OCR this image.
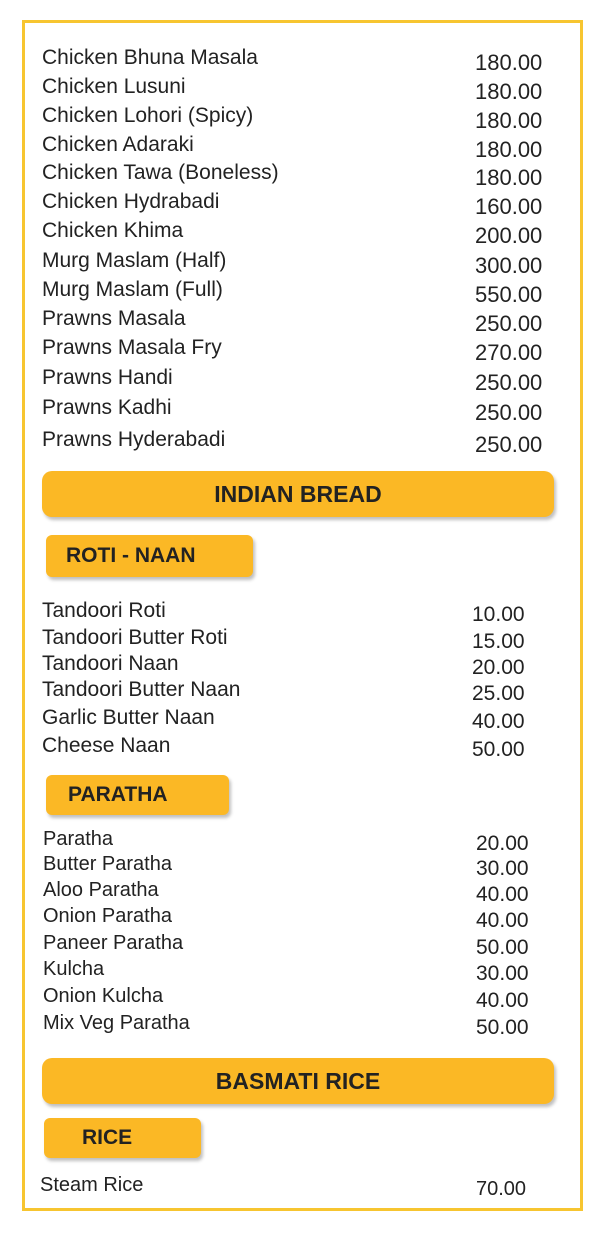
Chicken Bhuna Masala	180.00
Chicken Lusuni	180.00
Chicken Lohori (Spicy)	180.00
Chicken Adaraki	180.00
Chicken Tawa (Boneless)	180.00
Chicken Hydrabadi	160.00
Chicken Khima	200.00
Murg Maslam (Half)	300.00
Murg Maslam (Full)	550.00
Prawns Masala	250.00
Prawns Masala Fry	270.00
Prawns Handi	250.00
Prawns Kadhi	250.00
Prawns Hyderabadi	250.00
INDIAN BREAD
ROTI - NAAN
Tandoori Roti	10.00
Tandoori Butter Roti	15.00
Tandoori Naan	20.00
Tandoori Butter Naan	25.00
Garlic Butter Naan	40.00
Cheese Naan	50.00
PARATHA
Paratha	20.00
Butter Paratha	30.00
Aloo Paratha	40.00
Onion Paratha	40.00
Paneer Paratha	50.00
Kulcha	30.00
Onion Kulcha	40.00
Mix Veg Paratha	50.00
BASMATI RICE
RICE
Steam Rice	70.00
